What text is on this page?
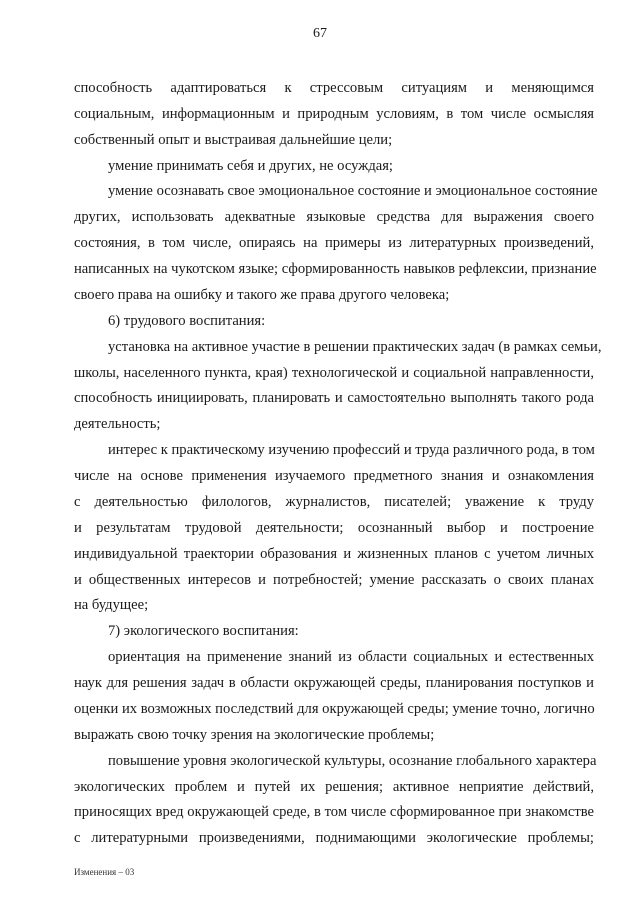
67
способность адаптироваться к стрессовым ситуациям и меняющимся
социальным, информационным и природным условиям, в том числе осмысляя
собственный опыт и выстраивая дальнейшие цели;
умение принимать себя и других, не осуждая;
умение осознавать свое эмоциональное состояние и эмоциональное состояние
других, использовать адекватные языковые средства для выражения своего
состояния, в том числе, опираясь на примеры из литературных произведений,
написанных на чукотском языке; сформированность навыков рефлексии, признание
своего права на ошибку и такого же права другого человека;
6) трудового воспитания:
установка на активное участие в решении практических задач (в рамках семьи,
школы, населенного пункта, края) технологической и социальной направленности,
способность инициировать, планировать и самостоятельно выполнять такого рода
деятельность;
интерес к практическому изучению профессий и труда различного рода, в том
числе на основе применения изучаемого предметного знания и ознакомления
с деятельностью филологов, журналистов, писателей; уважение к труду
и результатам трудовой деятельности; осознанный выбор и построение
индивидуальной траектории образования и жизненных планов с учетом личных
и общественных интересов и потребностей; умение рассказать о своих планах
на будущее;
7) экологического воспитания:
ориентация на применение знаний из области социальных и естественных
наук для решения задач в области окружающей среды, планирования поступков и
оценки их возможных последствий для окружающей среды; умение точно, логично
выражать свою точку зрения на экологические проблемы;
повышение уровня экологической культуры, осознание глобального характера
экологических проблем и путей их решения; активное неприятие действий,
приносящих вред окружающей среде, в том числе сформированное при знакомстве
с литературными произведениями, поднимающими экологические проблемы;
Изменения – 03
